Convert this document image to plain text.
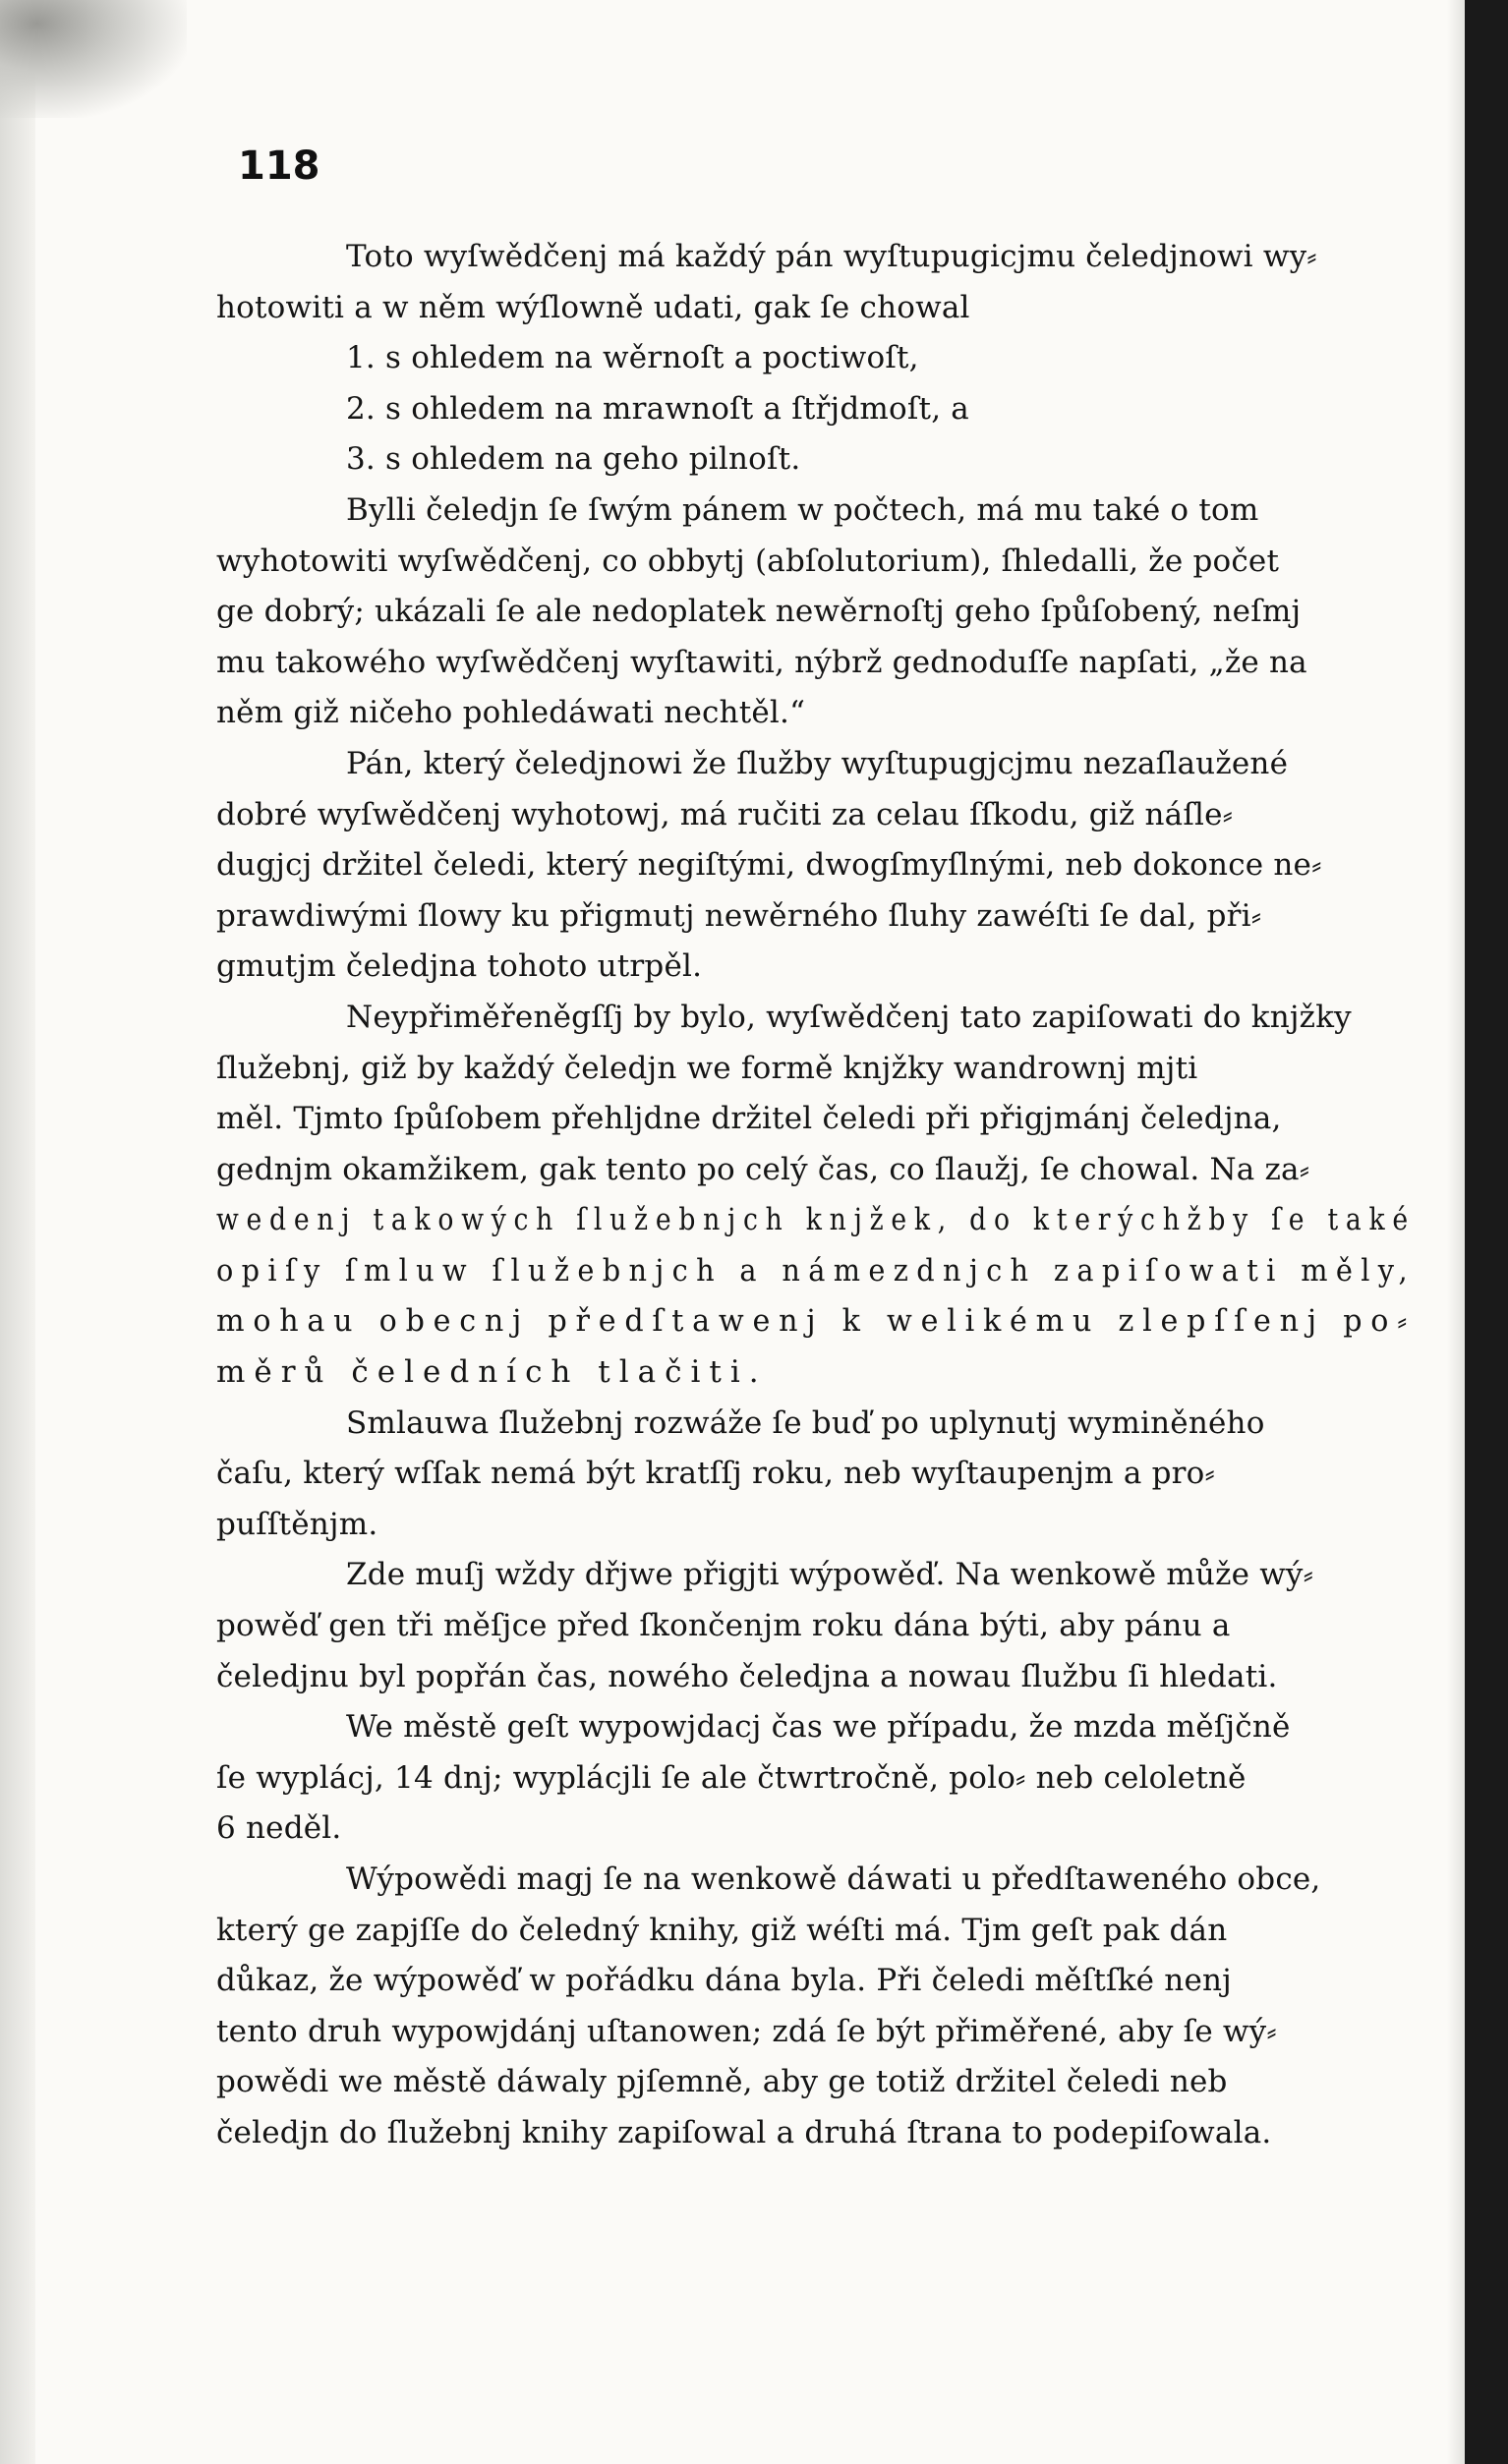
118
Toto wyſwědčenj má každý pán wyſtupugicjmu čeledjnowi wy⸗
hotowiti a w něm wýſlowně udati, gak ſe chowal
1. s ohledem na wěrnoſt a poctiwoſt,
2. s ohledem na mrawnoſt a ſtřjdmoſt, a
3. s ohledem na geho pilnoſt.
Bylli čeledjn ſe ſwým pánem w počtech, má mu také o tom
wyhotowiti wyſwědčenj, co obbytj (abſolutorium), ſhledalli, že počet
ge dobrý; ukázali ſe ale nedoplatek newěrnoſtj geho ſpůſobený, neſmj
mu takowého wyſwědčenj wyſtawiti, nýbrž gednoduſſe napſati, „že na
něm giž ničeho pohledáwati nechtěl.“
Pán, který čeledjnowi že ſlužby wyſtupugjcjmu nezaſlaužené
dobré wyſwědčenj wyhotowj, má ručiti za celau ſſkodu, giž náſle⸗
dugjcj držitel čeledi, který negiſtými, dwogſmyſlnými, neb dokonce ne⸗
prawdiwými ſlowy ku přigmutj newěrného ſluhy zawéſti ſe dal, při⸗
gmutjm čeledjna tohoto utrpěl.
Neypřiměřeněgſſj by bylo, wyſwědčenj tato zapiſowati do knjžky
ſlužebnj, giž by každý čeledjn we formě knjžky wandrownj mjti
měl. Tjmto ſpůſobem přehljdne držitel čeledi při přigjmánj čeledjna,
gednjm okamžikem, gak tento po celý čas, co ſlaužj, ſe chowal. Na za⸗
wedenj takowých ſlužebnjch knjžek, do kterýchžby ſe také
opiſy ſmluw ſlužebnjch a námezdnjch zapiſowati měly,
mohau obecnj předſtawenj k welikému zlepſſenj po⸗
měrů čeledních tlačiti.
Smlauwa ſlužebnj rozwáže ſe buď po uplynutj wyminěného
čaſu, který wſſak nemá být kratſſj roku, neb wyſtaupenjm a pro⸗
puſſtěnjm.
Zde muſj wždy dřjwe přigjti wýpowěď. Na wenkowě může wý⸗
powěď gen tři měſjce před ſkončenjm roku dána býti, aby pánu a
čeledjnu byl popřán čas, nowého čeledjna a nowau ſlužbu ſi hledati.
We městě geſt wypowjdacj čas we případu, že mzda měſjčně
ſe wyplácj, 14 dnj; wyplácjli ſe ale čtwrtročně, polo⸗ neb celoletně
6 neděl.
Wýpowědi magj ſe na wenkowě dáwati u předſtaweného obce,
který ge zapjſſe do čeledný knihy, giž wéſti má. Tjm geſt pak dán
důkaz, že wýpowěď w pořádku dána byla. Při čeledi měſtſké nenj
tento druh wypowjdánj uſtanowen; zdá ſe být přiměřené, aby ſe wý⸗
powědi we městě dáwaly pjſemně, aby ge totiž držitel čeledi neb
čeledjn do ſlužebnj knihy zapiſowal a druhá ſtrana to podepiſowala.
